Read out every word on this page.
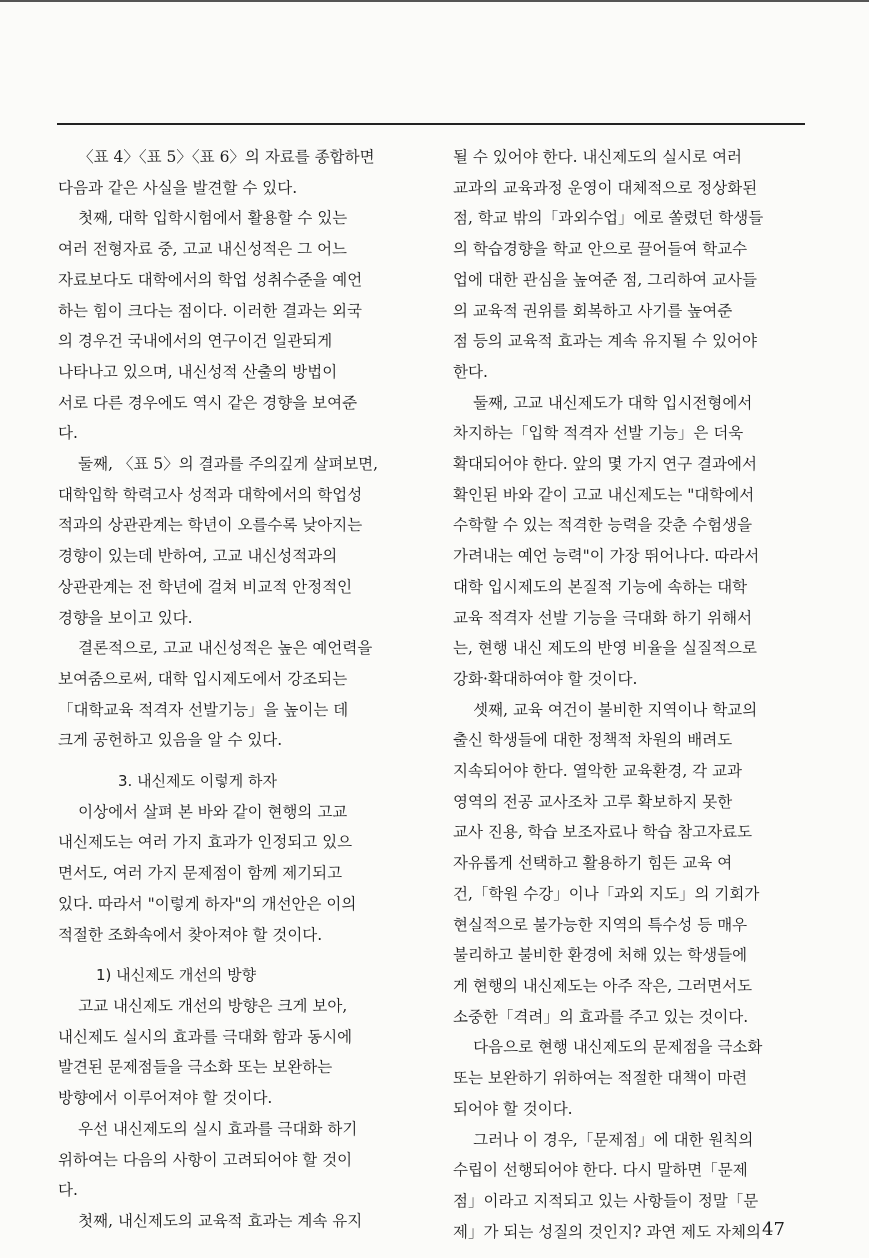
〈표 4〉〈표 5〉〈표 6〉의 자료를 종합하면
다음과 같은 사실을 발견할 수 있다.

첫째, 대학 입학시험에서 활용할 수 있는
여러 전형자료 중, 고교 내신성적은 그 어느
자료보다도 대학에서의 학업 성취수준을 예언
하는 힘이 크다는 점이다. 이러한 결과는 외국
의 경우건 국내에서의 연구이건 일관되게
나타나고 있으며, 내신성적 산출의 방법이
서로 다른 경우에도 역시 같은 경향을 보여준
다.

둘째, 〈표 5〉의 결과를 주의깊게 살펴보면,
대학입학 학력고사 성적과 대학에서의 학업성
적과의 상관관계는 학년이 오를수록 낮아지는
경향이 있는데 반하여, 고교 내신성적과의
상관관계는 전 학년에 걸쳐 비교적 안정적인
경향을 보이고 있다.

결론적으로, 고교 내신성적은 높은 예언력을
보여줌으로써, 대학 입시제도에서 강조되는
「대학교육 적격자 선발기능」을 높이는 데
크게 공헌하고 있음을 알 수 있다.

3. 내신제도 이렇게 하자

이상에서 살펴 본 바와 같이 현행의 고교
내신제도는 여러 가지 효과가 인정되고 있으
면서도, 여러 가지 문제점이 함께 제기되고
있다. 따라서 "이렇게 하자"의 개선안은 이의
적절한 조화속에서 찾아져야 할 것이다.

1) 내신제도 개선의 방향

고교 내신제도 개선의 방향은 크게 보아,
내신제도 실시의 효과를 극대화 함과 동시에
발견된 문제점들을 극소화 또는 보완하는
방향에서 이루어져야 할 것이다.

우선 내신제도의 실시 효과를 극대화 하기
위하여는 다음의 사항이 고려되어야 할 것이
다.

첫째, 내신제도의 교육적 효과는 계속 유지

될 수 있어야 한다. 내신제도의 실시로 여러
교과의 교육과정 운영이 대체적으로 정상화된
점, 학교 밖의「과외수업」에로 쏠렸던 학생들
의 학습경향을 학교 안으로 끌어들여 학교수
업에 대한 관심을 높여준 점, 그리하여 교사들
의 교육적 권위를 회복하고 사기를 높여준
점 등의 교육적 효과는 계속 유지될 수 있어야
한다.

둘째, 고교 내신제도가 대학 입시전형에서
차지하는「입학 적격자 선발 기능」은 더욱
확대되어야 한다. 앞의 몇 가지 연구 결과에서
확인된 바와 같이 고교 내신제도는 "대학에서
수학할 수 있는 적격한 능력을 갖춘 수험생을
가려내는 예언 능력"이 가장 뛰어나다. 따라서
대학 입시제도의 본질적 기능에 속하는 대학
교육 적격자 선발 기능을 극대화 하기 위해서
는, 현행 내신 제도의 반영 비율을 실질적으로
강화·확대하여야 할 것이다.

셋째, 교육 여건이 불비한 지역이나 학교의
출신 학생들에 대한 정책적 차원의 배려도
지속되어야 한다. 열악한 교육환경, 각 교과
영역의 전공 교사조차 고루 확보하지 못한
교사 진용, 학습 보조자료나 학습 참고자료도
자유롭게 선택하고 활용하기 힘든 교육 여
건,「학원 수강」이나「과외 지도」의 기회가
현실적으로 불가능한 지역의 특수성 등 매우
불리하고 불비한 환경에 처해 있는 학생들에
게 현행의 내신제도는 아주 작은, 그러면서도
소중한「격려」의 효과를 주고 있는 것이다.

다음으로 현행 내신제도의 문제점을 극소화
또는 보완하기 위하여는 적절한 대책이 마련
되어야 할 것이다.

그러나 이 경우,「문제점」에 대한 원칙의
수립이 선행되어야 한다. 다시 말하면「문제
점」이라고 지적되고 있는 사항들이 정말「문
제」가 되는 성질의 것인지? 과연 제도 자체의 47
